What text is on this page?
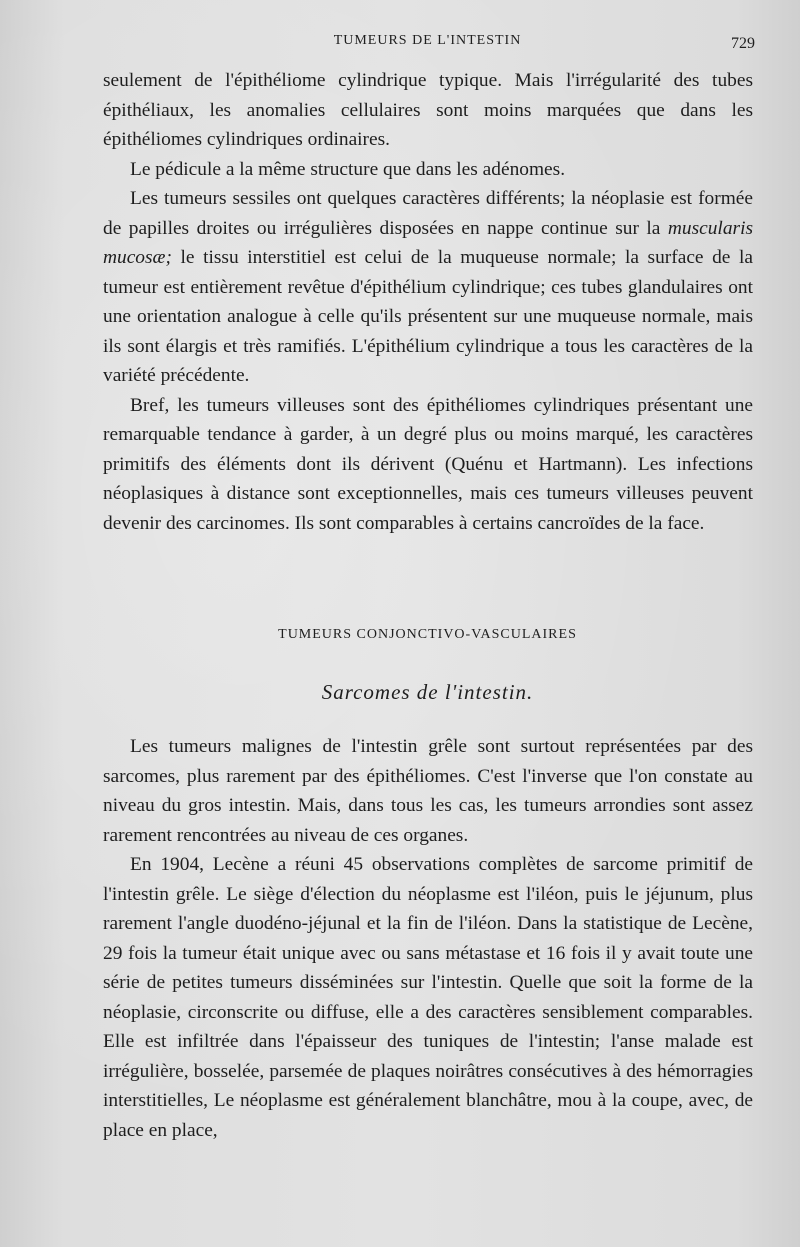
TUMEURS DE L'INTESTIN	729

seulement de l'épithéliome cylindrique typique. Mais l'irrégularité des tubes épithéliaux, les anomalies cellulaires sont moins marquées que dans les épithéliomes cylindriques ordinaires.

Le pédicule a la même structure que dans les adénomes.

Les tumeurs sessiles ont quelques caractères différents; la néoplasie est formée de papilles droites ou irrégulières disposées en nappe continue sur la muscularis mucosæ; le tissu interstitiel est celui de la muqueuse normale; la surface de la tumeur est entièrement revêtue d'épithélium cylindrique; ces tubes glandulaires ont une orientation analogue à celle qu'ils présentent sur une muqueuse normale, mais ils sont élargis et très ramifiés. L'épithélium cylindrique a tous les caractères de la variété précédente.

Bref, les tumeurs villeuses sont des épithéliomes cylindriques présentant une remarquable tendance à garder, à un degré plus ou moins marqué, les caractères primitifs des éléments dont ils dérivent (Quénu et Hartmann). Les infections néoplasiques à distance sont exceptionnelles, mais ces tumeurs villeuses peuvent devenir des carcinomes. Ils sont comparables à certains cancroïdes de la face.

TUMEURS CONJONCTIVO-VASCULAIRES
Sarcomes de l'intestin.

Les tumeurs malignes de l'intestin grêle sont surtout représentées par des sarcomes, plus rarement par des épithéliomes. C'est l'inverse que l'on constate au niveau du gros intestin. Mais, dans tous les cas, les tumeurs arrondies sont assez rarement rencontrées au niveau de ces organes.

En 1904, Lecène a réuni 45 observations complètes de sarcome primitif de l'intestin grêle. Le siège d'élection du néoplasme est l'iléon, puis le jéjunum, plus rarement l'angle duodéno-jéjunal et la fin de l'iléon. Dans la statistique de Lecène, 29 fois la tumeur était unique avec ou sans métastase et 16 fois il y avait toute une série de petites tumeurs disséminées sur l'intestin. Quelle que soit la forme de la néoplasie, circonscrite ou diffuse, elle a des caractères sensiblement comparables. Elle est infiltrée dans l'épaisseur des tuniques de l'intestin; l'anse malade est irrégulière, bosselée, parsemée de plaques noirâtres consécutives à des hémorragies interstitielles, Le néoplasme est généralement blanchâtre, mou à la coupe, avec, de place en place,
